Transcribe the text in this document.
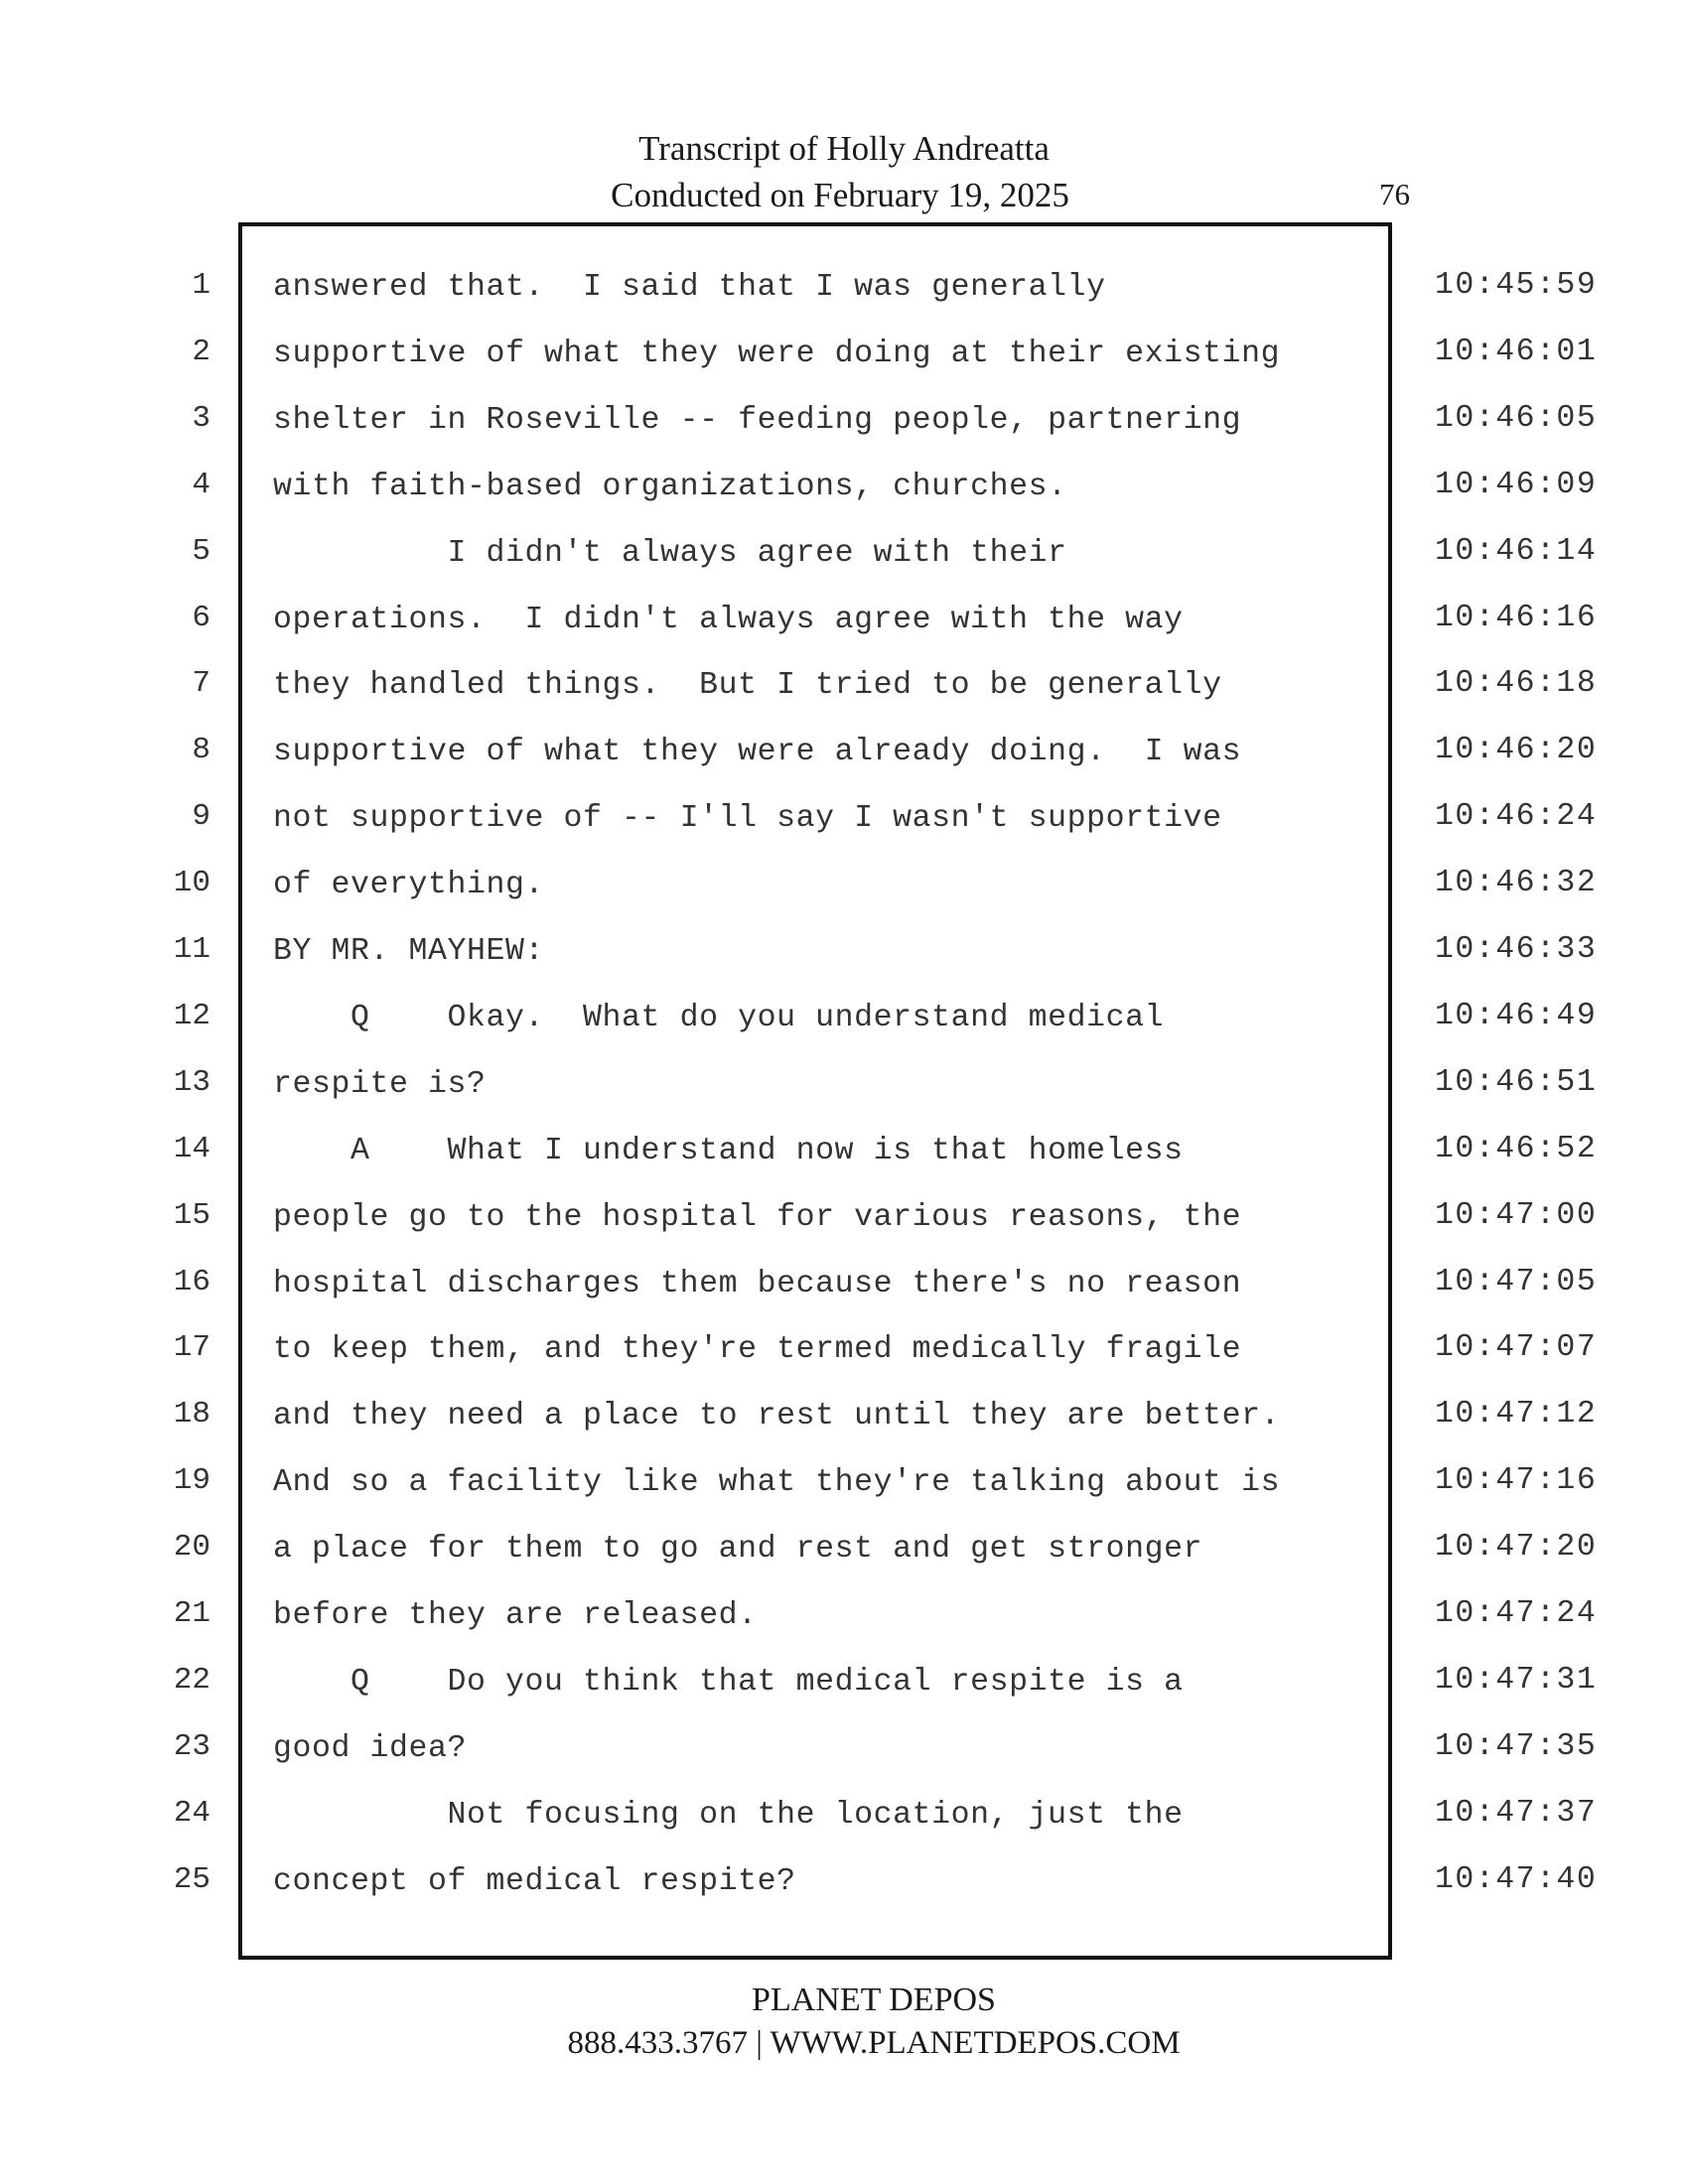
Transcript of Holly Andreatta
Conducted on February 19, 2025	76
1 answered that.  I said that I was generally	10:45:59
2 supportive of what they were doing at their existing	10:46:01
3 shelter in Roseville -- feeding people, partnering	10:46:05
4 with faith-based organizations, churches.	10:46:09
5 I didn't always agree with their	10:46:14
6 operations.  I didn't always agree with the way	10:46:16
7 they handled things.  But I tried to be generally	10:46:18
8 supportive of what they were already doing.  I was	10:46:20
9 not supportive of -- I'll say I wasn't supportive	10:46:24
10 of everything.	10:46:32
11 BY MR. MAYHEW:	10:46:33
12 Q    Okay.  What do you understand medical	10:46:49
13 respite is?	10:46:51
14 A    What I understand now is that homeless	10:46:52
15 people go to the hospital for various reasons, the	10:47:00
16 hospital discharges them because there's no reason	10:47:05
17 to keep them, and they're termed medically fragile	10:47:07
18 and they need a place to rest until they are better.	10:47:12
19 And so a facility like what they're talking about is	10:47:16
20 a place for them to go and rest and get stronger	10:47:20
21 before they are released.	10:47:24
22 Q    Do you think that medical respite is a	10:47:31
23 good idea?	10:47:35
24 Not focusing on the location, just the	10:47:37
25 concept of medical respite?	10:47:40
PLANET DEPOS
888.433.3767 | WWW.PLANETDEPOS.COM
